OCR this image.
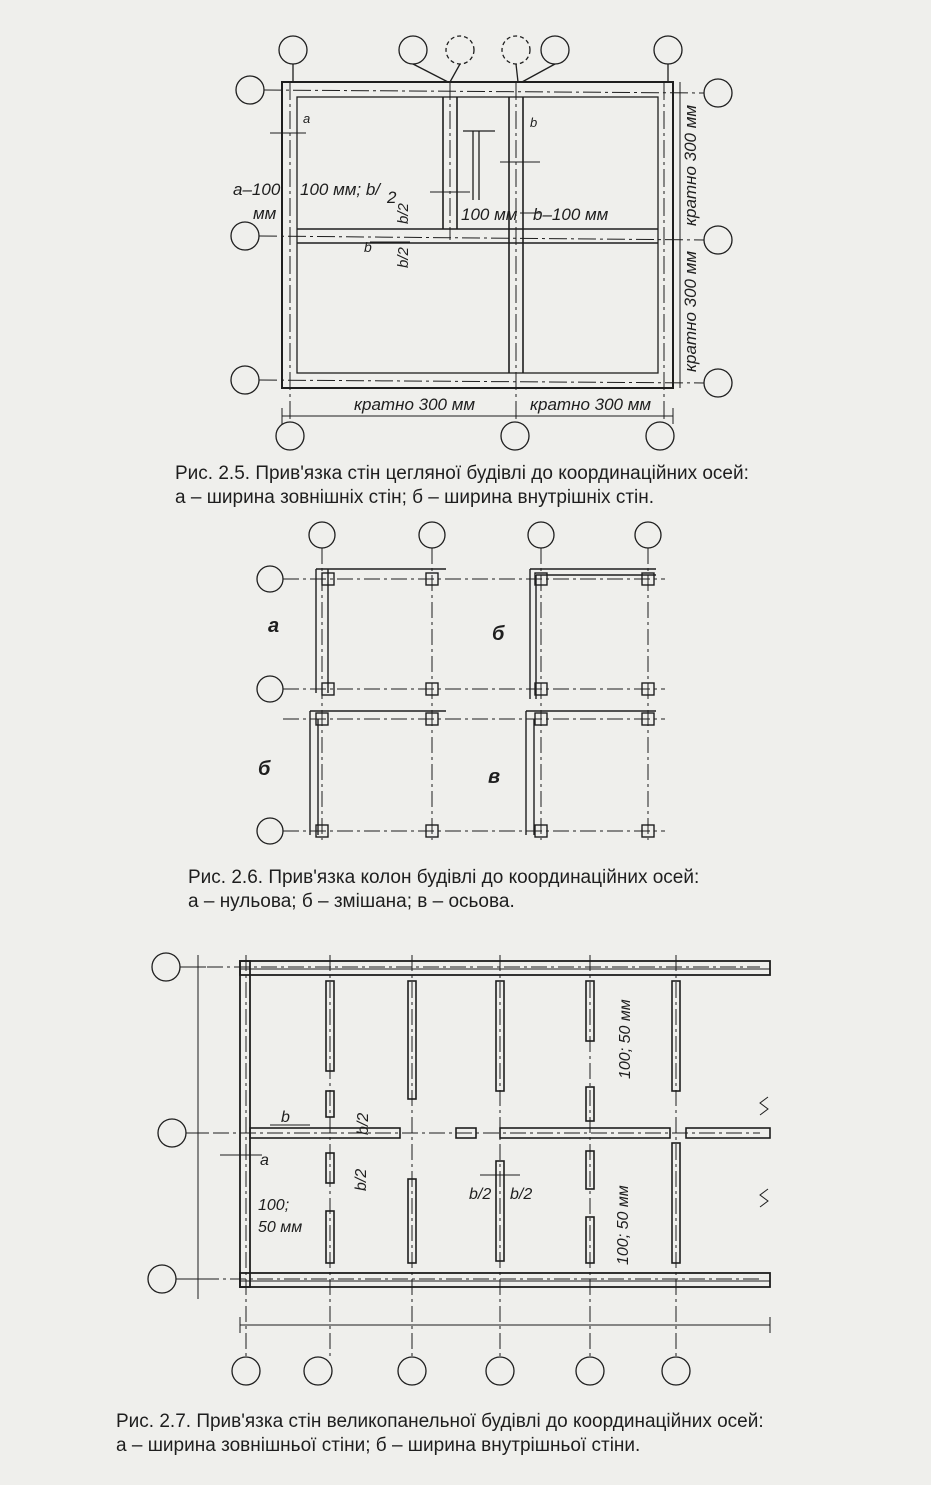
а	b
а–100
мм
100 мм; b/ 2
100 мм b–100 мм
b
b/2
b/2
кратно 300 мм
кратно 300 мм
кратно 300 мм	кратно 300 мм
Рис. 2.5. Прив'язка стін цегляної будівлі до координаційних осей:
а – ширина зовнішніх стін; б – ширина внутрішніх стін.
а	б
б	в
Рис. 2.6. Прив'язка колон будівлі до координаційних осей:
а – нульова; б – змішана; в – осьова.
b
a
b/2
b/2
100;
50 мм
b/2 b/2
100; 50 мм
100; 50 мм
Рис. 2.7. Прив'язка стін великопанельної будівлі до координаційних осей:
а – ширина зовнішньої стіни; б – ширина внутрішньої стіни.
